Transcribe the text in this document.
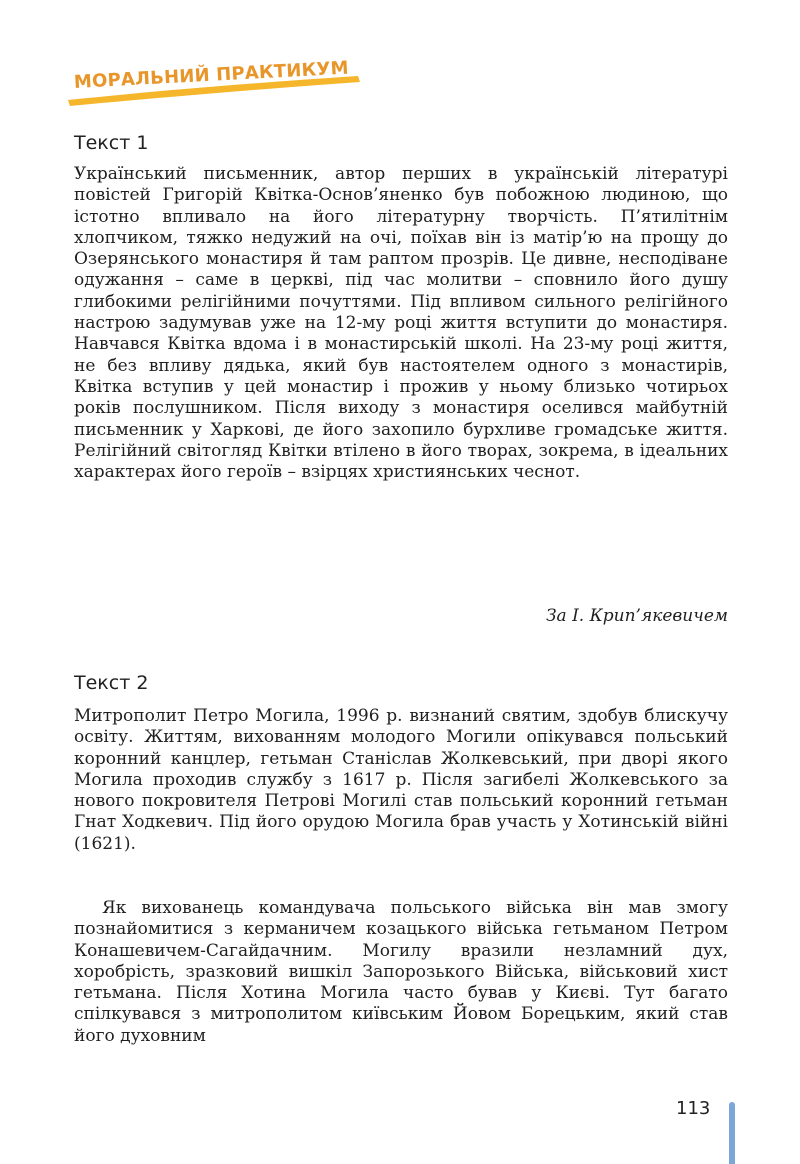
МОРАЛЬНИЙ ПРАКТИКУМ
Текст 1

Український письменник, автор перших в українській літературі повістей Григорій Квітка-Основ’яненко був побожною людиною, що істотно впливало на його літературну творчість. П’ятилітнім хлопчиком, тяжко недужий на очі, поїхав він із матір’ю на прощу до Озерянського монастиря й там раптом прозрів. Це дивне, несподіване одужання – саме в церкві, під час молитви – сповнило його душу глибокими релігійними почуттями. Під впливом сильного релігійного настрою задумував уже на 12-му році життя вступити до монастиря. Навчався Квітка вдома і в монастирській школі. На 23-му році життя, не без впливу дядька, який був настоятелем одного з монастирів, Квітка вступив у цей монастир і прожив у ньому близько чотирьох років послушником. Після виходу з монастиря оселився майбутній письменник у Харкові, де його захопило бурхливе громадське життя. Релігійний світогляд Квітки втілено в його творах, зокрема, в ідеальних характерах його героїв – взірцях християнських чеснот.

За І. Крип’якевичем
Текст 2

Митрополит Петро Могила, 1996 р. визнаний святим, здобув блискучу освіту. Життям, вихованням молодого Могили опікувався польський коронний канцлер, гетьман Станіслав Жолкевський, при дворі якого Могила проходив службу з 1617 р. Після загибелі Жолкевського за нового покровителя Петрові Могилі став польський коронний гетьман Гнат Ходкевич. Під його орудою Могила брав участь у Хотинській війні (1621).

Як вихованець командувача польського війська він мав змогу познайомитися з керманичем козацького війська гетьманом Петром Конашевичем-Сагайдачним. Могилу вразили незламний дух, хоробрість, зразковий вишкіл Запорозького Війська, військовий хист гетьмана. Після Хотина Могила часто бував у Києві. Тут багато спілкувався з митрополитом київським Йовом Борецьким, який став його духовним

113
